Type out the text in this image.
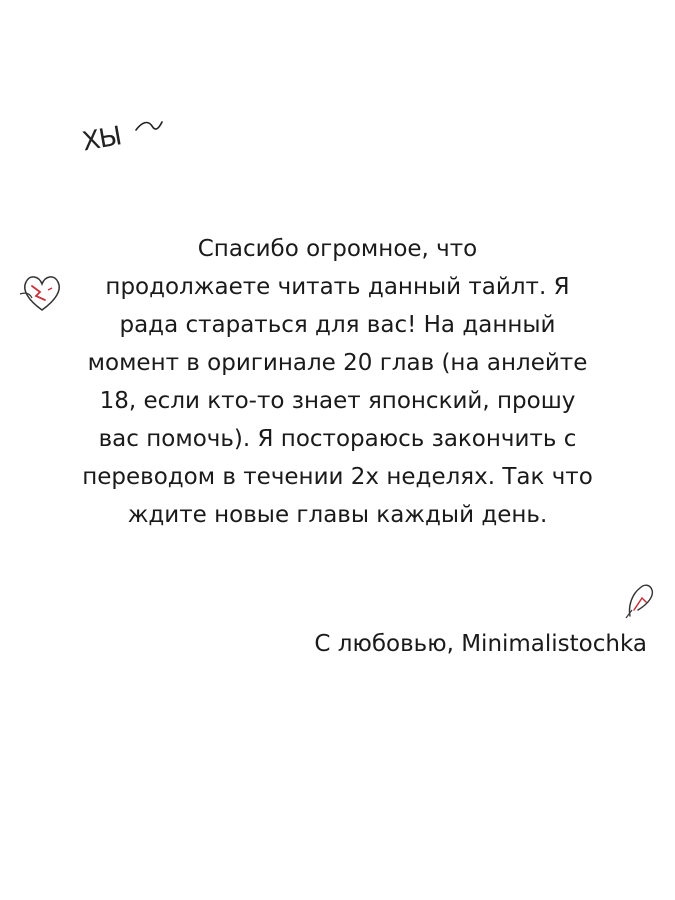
ХЫ
Спасибо огромное, что
продолжаете читать данный тайлт. Я
рада стараться для вас! На данный
момент в оригинале 20 глав (на анлейте
18, если кто-то знает японский, прошу
вас помочь). Я постораюсь закончить с
переводом в течении 2х неделях. Так что
ждите новые главы каждый день.
С любовью, Minimalistochka
